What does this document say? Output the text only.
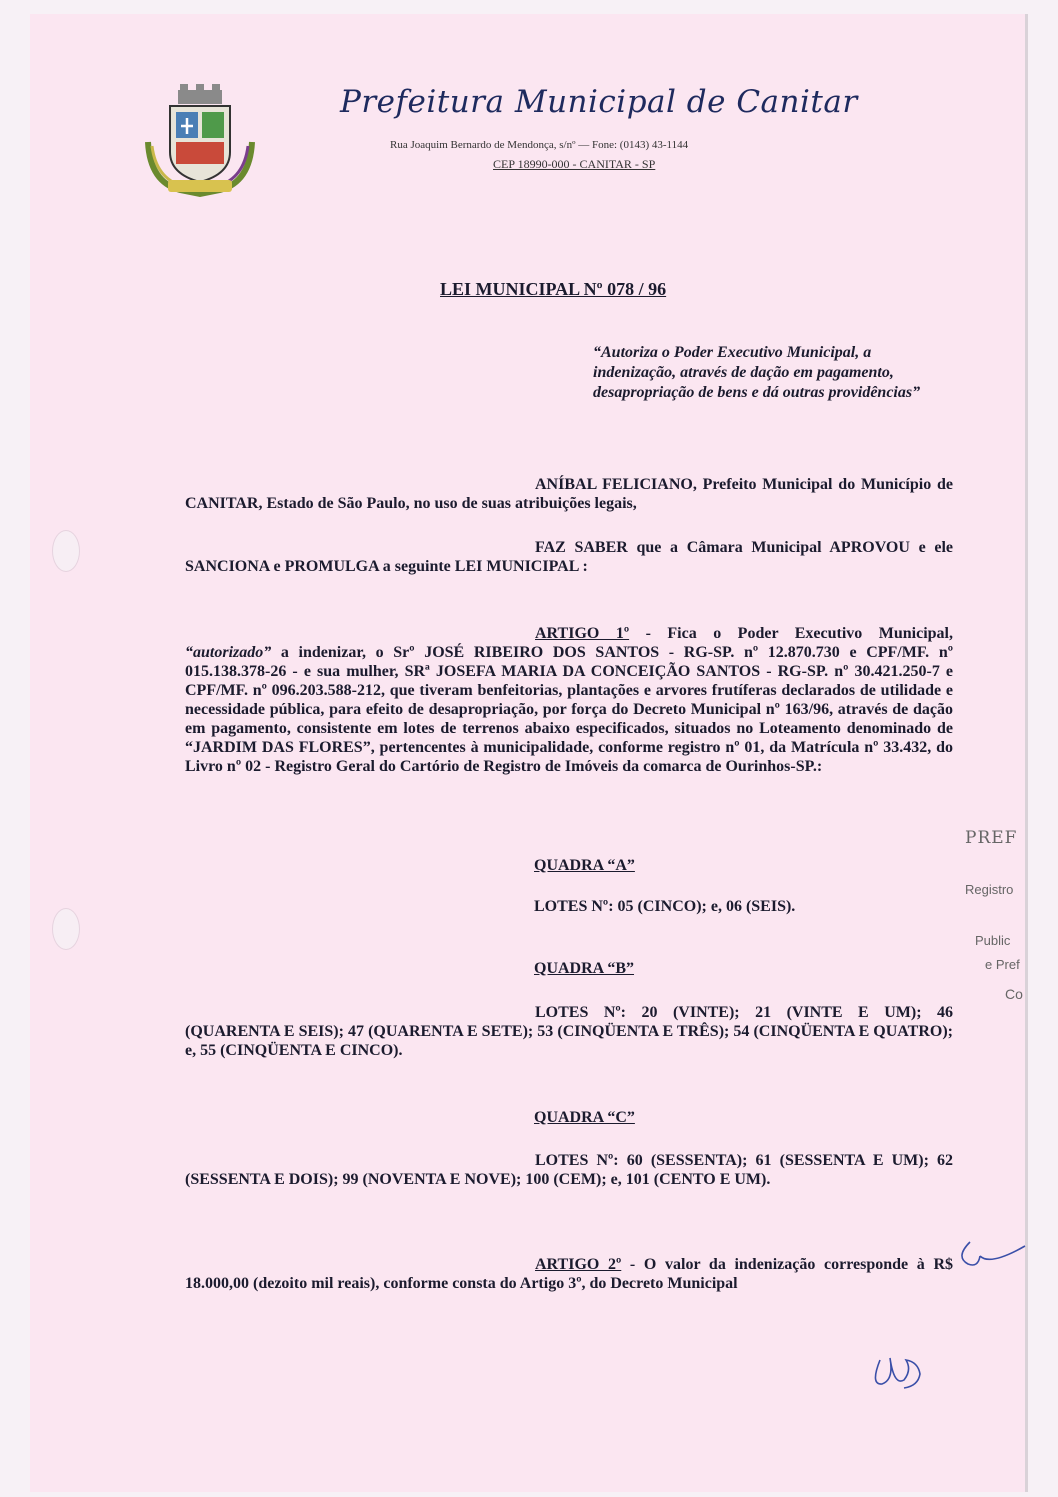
Prefeitura Municipal de Canitar
Rua Joaquim Bernardo de Mendonça, s/nº — Fone: (0143) 43-1144
CEP 18990-000 - CANITAR - SP
LEI MUNICIPAL Nº 078 / 96
“Autoriza o Poder Executivo Municipal, a indenização, através de dação em pagamento, desapropriação de bens e dá outras providências”
ANÍBAL FELICIANO, Prefeito Municipal do Município de CANITAR, Estado de São Paulo, no uso de suas atribuições legais,
FAZ SABER que a Câmara Municipal APROVOU e ele SANCIONA e PROMULGA a seguinte LEI MUNICIPAL :
ARTIGO 1º - Fica o Poder Executivo Municipal, “autorizado” a indenizar, o Srº JOSÉ RIBEIRO DOS SANTOS - RG-SP. nº 12.870.730 e CPF/MF. nº 015.138.378-26 - e sua mulher, SRª JOSEFA MARIA DA CONCEIÇÃO SANTOS - RG-SP. nº 30.421.250-7 e CPF/MF. nº 096.203.588-212, que tiveram benfeitorias, plantações e arvores frutíferas declarados de utilidade e necessidade pública, para efeito de desapropriação, por força do Decreto Municipal nº 163/96, através de dação em pagamento, consistente em lotes de terrenos abaixo especificados, situados no Loteamento denominado de “JARDIM DAS FLORES”, pertencentes à municipalidade, conforme registro nº 01, da Matrícula nº 33.432, do Livro nº 02 - Registro Geral do Cartório de Registro de Imóveis da comarca de Ourinhos-SP.:
QUADRA “A”
LOTES Nº: 05 (CINCO); e, 06 (SEIS).
QUADRA “B”
LOTES Nº: 20 (VINTE); 21 (VINTE E UM); 46 (QUARENTA E SEIS); 47 (QUARENTA E SETE); 53 (CINQÜENTA E TRÊS); 54 (CINQÜENTA E QUATRO); e, 55 (CINQÜENTA E CINCO).
QUADRA “C”
LOTES Nº: 60 (SESSENTA); 61 (SESSENTA E UM); 62 (SESSENTA E DOIS); 99 (NOVENTA E NOVE); 100 (CEM); e, 101 (CENTO E UM).
ARTIGO 2º - O valor da indenização corresponde à R$ 18.000,00 (dezoito mil reais), conforme consta do Artigo 3º, do Decreto Municipal
PREF
Registro
Public
e Pref
Co
